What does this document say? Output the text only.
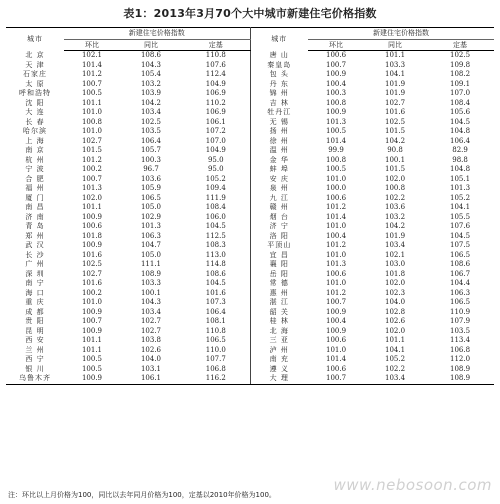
表1：2013年3月70个大中城市新建住宅价格指数
城市	新建住宅价格指数			城市	新建住宅价格指数		
	环比	同比	定基		环比	同比	定基
北 京	102.1	108.6	110.8	唐 山	100.6	101.1	102.5
天 津	101.4	104.3	107.6	秦皇岛	100.7	103.3	109.8
石家庄	101.2	105.4	112.4	包 头	100.9	104.1	108.2
太 原	100.7	103.2	104.9	丹 东	100.4	101.9	109.1
呼和浩特	100.5	103.9	106.9	锦 州	100.3	101.9	107.0
沈 阳	101.1	104.2	110.2	吉 林	100.8	102.7	108.4
大 连	101.0	103.4	106.9	牡丹江	100.9	101.6	105.6
长 春	100.8	102.5	106.1	无 锡	101.3	102.5	104.5
哈尔滨	101.0	103.5	107.2	扬 州	100.5	101.5	104.8
上 海	102.7	106.4	107.0	徐 州	101.4	104.2	106.4
南 京	101.5	105.7	104.9	温 州	99.9	90.8	82.9
杭 州	101.2	100.3	95.0	金 华	100.8	100.1	98.8
宁 波	100.2	96.7	95.0	蚌 埠	100.5	101.5	104.8
合 肥	100.7	103.6	105.2	安 庆	101.0	102.0	105.1
福 州	101.3	105.9	109.4	泉 州	100.0	100.8	101.3
厦 门	102.0	106.5	111.9	九 江	100.6	102.2	105.2
南 昌	101.1	105.0	108.4	赣 州	101.2	103.6	104.1
济 南	100.9	102.9	106.0	烟 台	101.4	103.2	105.5
青 岛	100.6	101.3	104.5	济 宁	101.0	104.2	107.6
郑 州	101.8	106.3	112.5	洛 阳	100.4	101.9	104.5
武 汉	100.9	104.7	108.3	平顶山	101.2	103.4	107.5
长 沙	101.6	105.0	113.0	宜 昌	101.0	102.1	106.5
广 州	102.5	111.1	114.8	襄 阳	101.3	103.0	108.6
深 圳	102.7	108.9	108.6	岳 阳	100.6	101.8	106.7
南 宁	101.6	103.3	104.5	常 德	101.0	102.0	104.4
海 口	100.2	100.1	101.6	惠 州	101.2	102.3	106.3
重 庆	101.0	104.3	107.3	湛 江	100.7	104.0	106.5
成 都	100.9	103.4	106.4	韶 关	100.9	102.8	110.9
贵 阳	100.7	102.7	108.1	桂 林	100.4	102.6	107.9
昆 明	100.9	102.7	110.8	北 海	100.9	102.0	103.5
西 安	101.1	103.8	106.5	三 亚	100.6	101.1	113.4
兰 州	101.1	102.6	110.0	泸 州	101.0	104.1	106.8
西 宁	100.5	104.0	107.7	南 充	101.4	105.2	112.0
银 川	100.5	103.1	106.8	遵 义	100.6	102.2	108.9
乌鲁木齐	100.9	106.1	116.2	大 理	100.7	103.4	108.9
www.nebosoon.com
注：环比以上月价格为100，同比以去年同月价格为100，定基以2010年价格为100。
